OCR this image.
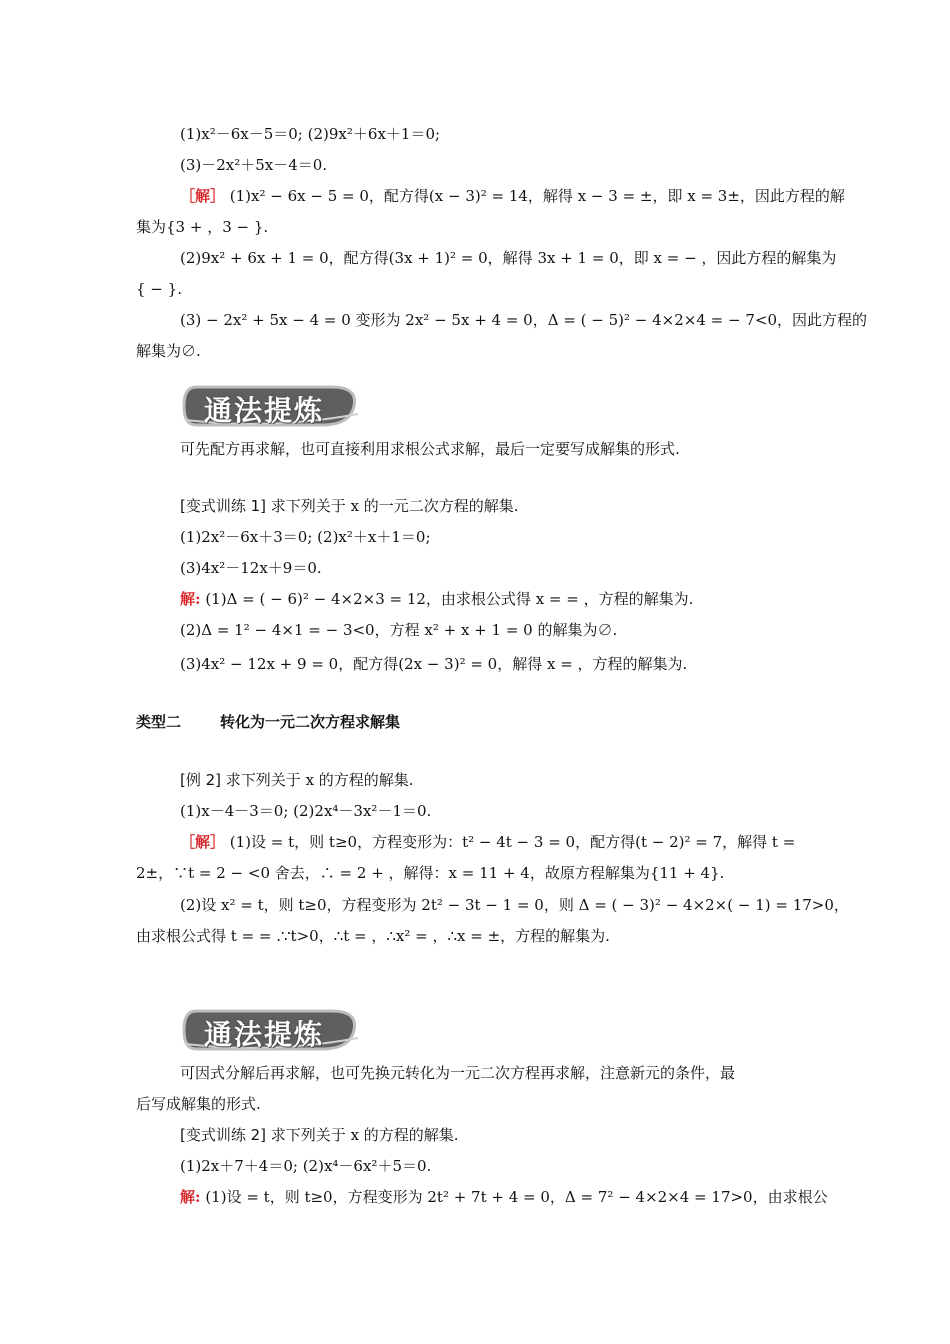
(1)x²－6x－5＝0; (2)9x²＋6x＋1＝0;
(3)－2x²＋5x－4＝0.
［解］ (1)x² − 6x − 5 = 0，配方得(x − 3)² = 14，解得 x − 3 = ±，即 x = 3±，因此方程的解
集为{3 + ，3 − }.
(2)9x² + 6x + 1 = 0，配方得(3x + 1)² = 0，解得 3x + 1 = 0，即 x = − ，因此方程的解集为
{ − }.
(3) − 2x² + 5x − 4 = 0 变形为 2x² − 5x + 4 = 0，Δ = ( − 5)² − 4×2×4 = − 7<0，因此方程的
解集为∅.
通法提炼
可先配方再求解，也可直接利用求根公式求解，最后一定要写成解集的形式.
[变式训练 1] 求下列关于 x 的一元二次方程的解集.
(1)2x²－6x＋3＝0; (2)x²＋x＋1＝0;
(3)4x²－12x＋9＝0.
解: (1)Δ = ( − 6)² − 4×2×3 = 12，由求根公式得 x = = ，方程的解集为.
(2)Δ = 1² − 4×1 = − 3<0，方程 x² + x + 1 = 0 的解集为∅.
(3)4x² − 12x + 9 = 0，配方得(2x − 3)² = 0，解得 x = ，方程的解集为.
类型二	转化为一元二次方程求解集
[例 2] 求下列关于 x 的方程的解集.
(1)x－4－3＝0; (2)2x⁴－3x²－1＝0.
［解］ (1)设 = t，则 t≥0，方程变形为：t² − 4t − 3 = 0，配方得(t − 2)² = 7，解得 t =
2±，∵t = 2 − <0 舍去，∴ = 2 + ，解得：x = 11 + 4，故原方程解集为{11 + 4}.
(2)设 x² = t，则 t≥0，方程变形为 2t² − 3t − 1 = 0，则 Δ = ( − 3)² − 4×2×( − 1) = 17>0，
由求根公式得 t = = .∵t>0，∴t = ，∴x² = ，∴x = ±，方程的解集为.
通法提炼
可因式分解后再求解，也可先换元转化为一元二次方程再求解，注意新元的条件，最
后写成解集的形式.
[变式训练 2] 求下列关于 x 的方程的解集.
(1)2x＋7＋4＝0; (2)x⁴－6x²＋5＝0.
解: (1)设 = t，则 t≥0，方程变形为 2t² + 7t + 4 = 0，Δ = 7² − 4×2×4 = 17>0，由求根公
